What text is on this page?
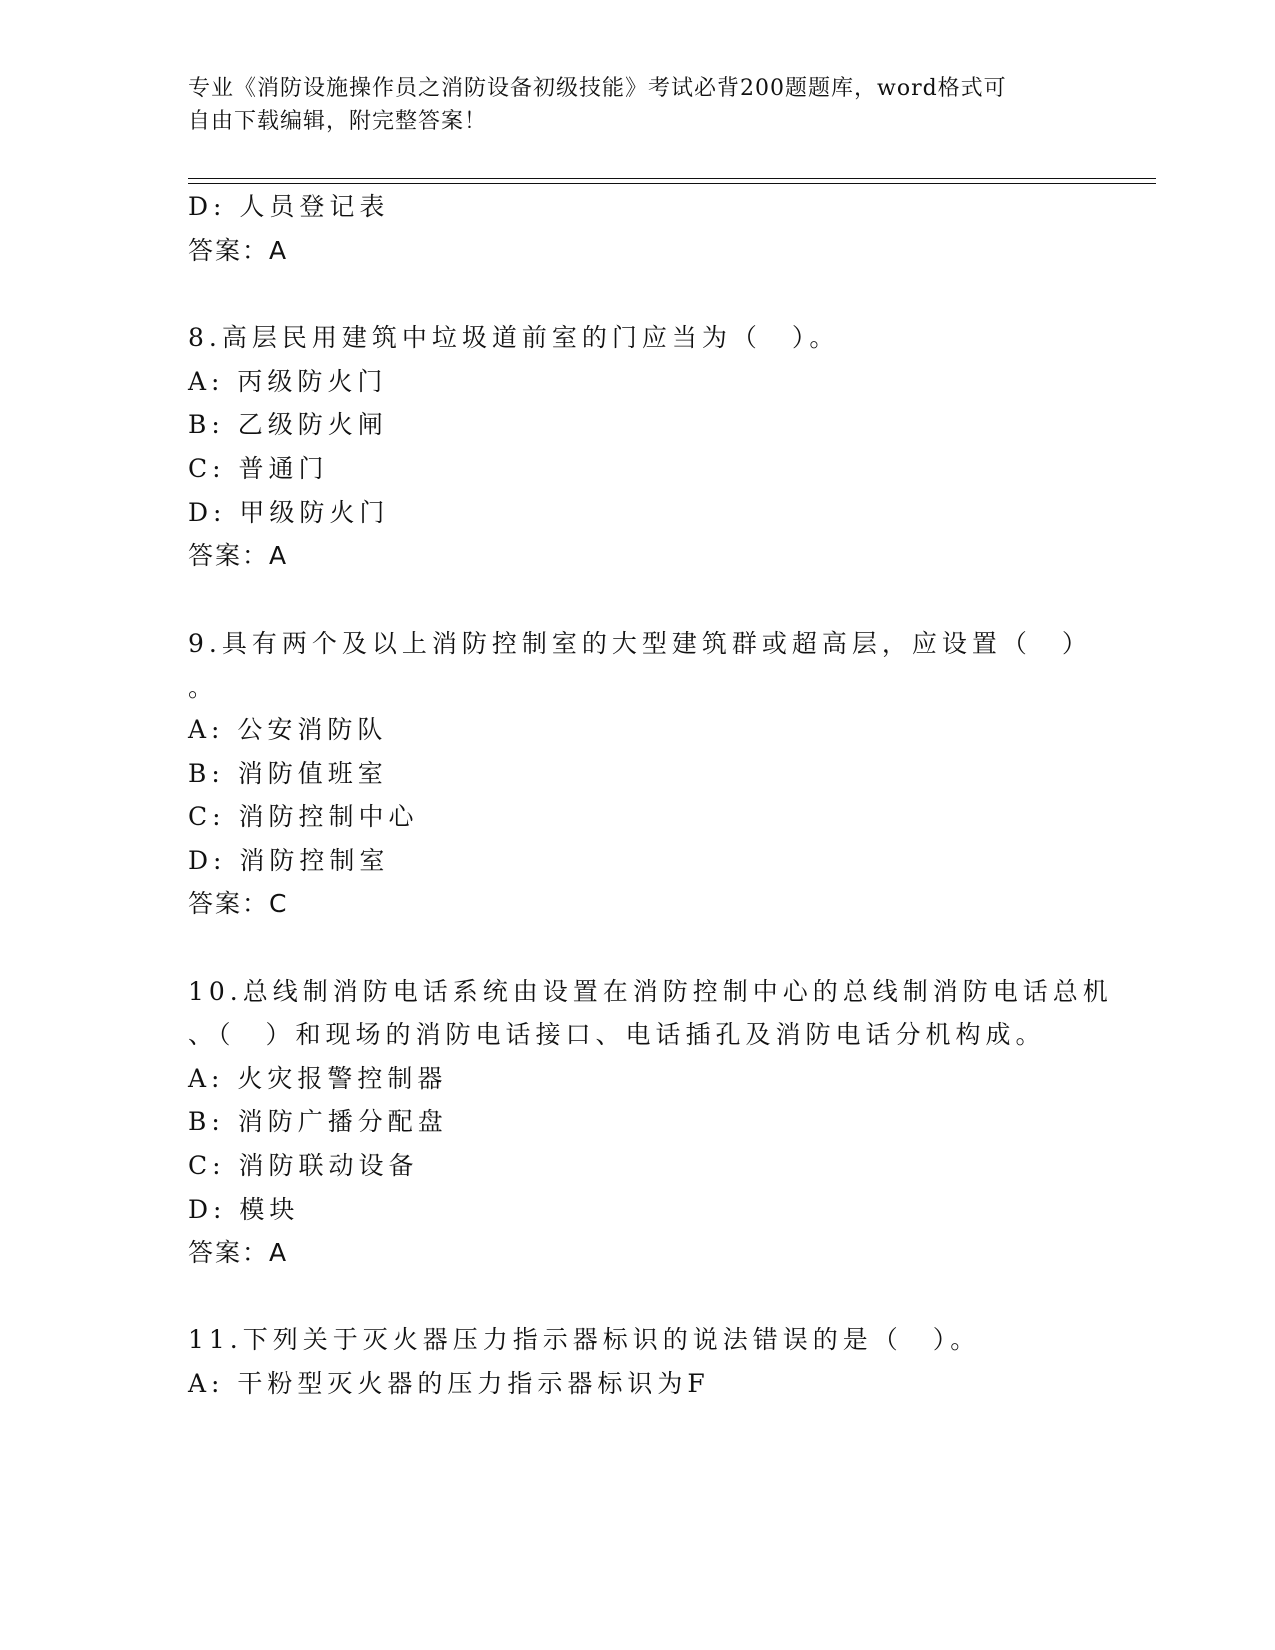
专业《消防设施操作员之消防设备初级技能》考试必背200题题库，word格式可
自由下载编辑，附完整答案！
D: 人员登记表
答案：A
8.高层民用建筑中垃圾道前室的门应当为（　）。
A: 丙级防火门
B: 乙级防火闸
C: 普通门
D: 甲级防火门
答案：A
9.具有两个及以上消防控制室的大型建筑群或超高层，应设置（　）
。
A: 公安消防队
B: 消防值班室
C: 消防控制中心
D: 消防控制室
答案：C
10.总线制消防电话系统由设置在消防控制中心的总线制消防电话总机
、（　）和现场的消防电话接口、电话插孔及消防电话分机构成。
A: 火灾报警控制器
B: 消防广播分配盘
C: 消防联动设备
D: 模块
答案：A
11.下列关于灭火器压力指示器标识的说法错误的是（　）。
A: 干粉型灭火器的压力指示器标识为F
